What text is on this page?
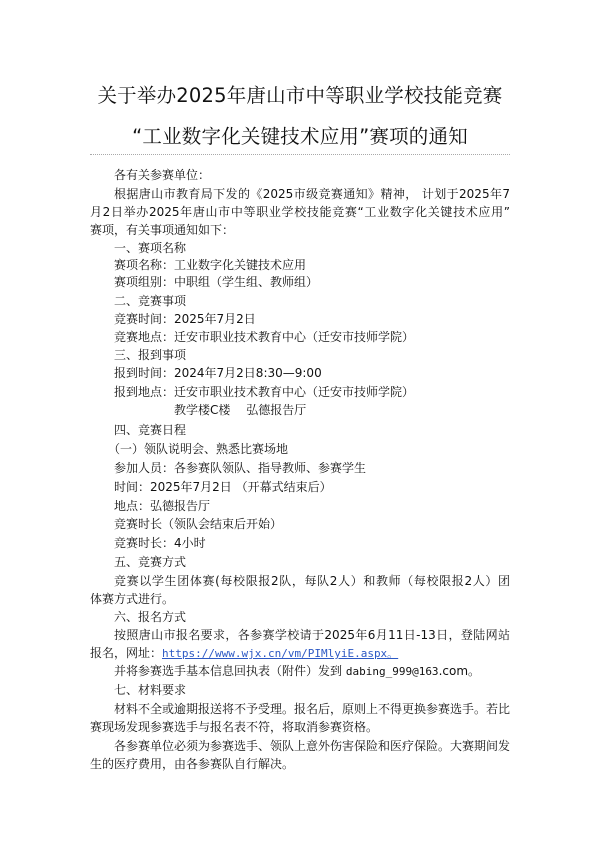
关于举办2025年唐山市中等职业学校技能竞赛
“工业数字化关键技术应用”赛项的通知
各有关参赛单位：
根据唐山市教育局下发的《2025市级竞赛通知》精神， 计划于2025年7
月2日举办2025年唐山市中等职业学校技能竞赛“工业数字化关键技术应用”
赛项，有关事项通知如下：
一、赛项名称
赛项名称：工业数字化关键技术应用
赛项组别：中职组（学生组、教师组）
二、竞赛事项
竞赛时间：2025年7月2日
竞赛地点：迁安市职业技术教育中心（迁安市技师学院）
三、报到事项
报到时间：2024年7月2日8:30—9:00
报到地点：迁安市职业技术教育中心（迁安市技师学院）
教学楼C楼　 弘德报告厅
四、竞赛日程
（一）领队说明会、熟悉比赛场地
参加人员：各参赛队领队、指导教师、参赛学生
时间：2025年7月2日 （开幕式结束后）
地点：弘德报告厅
竞赛时长（领队会结束后开始）
竞赛时长：4小时
五、竞赛方式
竞赛以学生团体赛(每校限报2队，每队2人）和教师（每校限报2人）团
体赛方式进行。
六、报名方式
按照唐山市报名要求，各参赛学校请于2025年6月11日-13日，登陆网站
报名，网址：https://www.wjx.cn/vm/PIMlyiE.aspx。
并将参赛选手基本信息回执表（附件）发到 dabing_999@163.com。
七、材料要求
材料不全或逾期报送将不予受理。报名后，原则上不得更换参赛选手。若比
赛现场发现参赛选手与报名表不符，将取消参赛资格。
各参赛单位必须为参赛选手、领队上意外伤害保险和医疗保险。大赛期间发
生的医疗费用，由各参赛队自行解决。
